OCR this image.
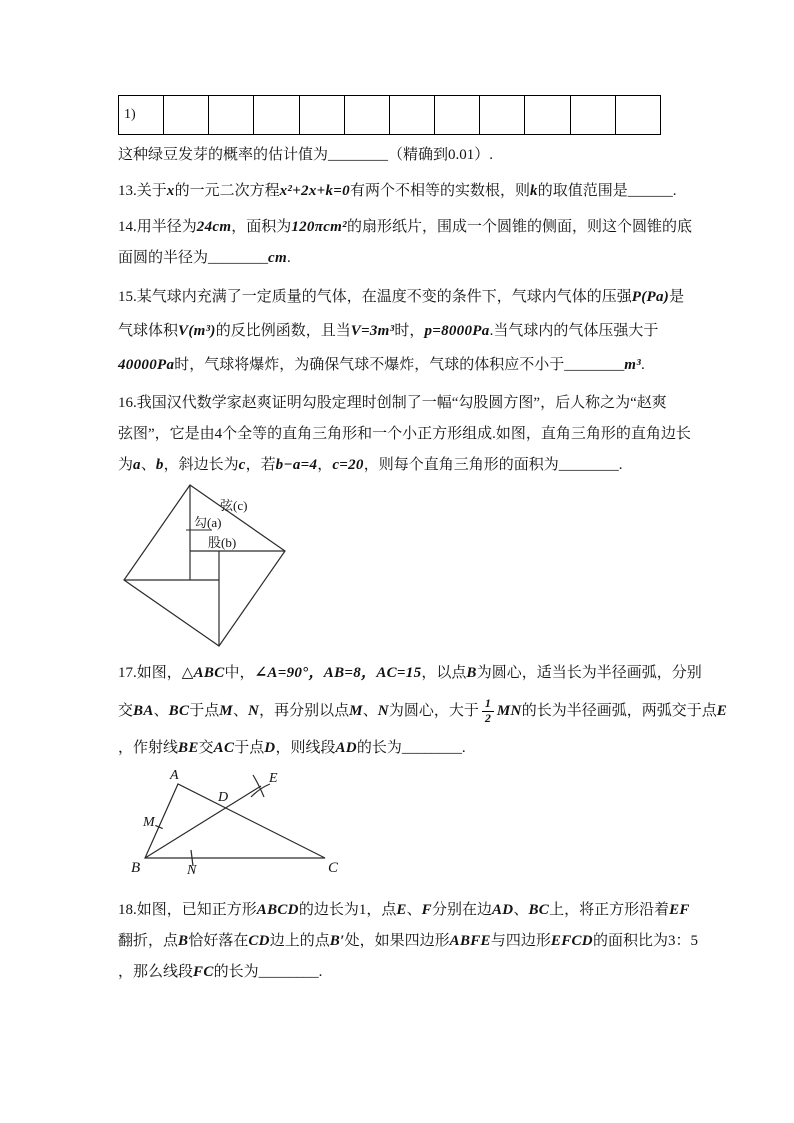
1)											
这种绿豆发芽的概率的估计值为________（精确到0.01）.
13.关于x的一元二次方程x²+2x+k=0有两个不相等的实数根，则k的取值范围是______.
14.用半径为24cm，面积为120πcm²的扇形纸片，围成一个圆锥的侧面，则这个圆锥的底
面圆的半径为________cm.
15.某气球内充满了一定质量的气体，在温度不变的条件下，气球内气体的压强P(Pa)是
气球体积V(m³)的反比例函数，且当V=3m³时，p=8000Pa.当气球内的气体压强大于
40000Pa时，气球将爆炸，为确保气球不爆炸，气球的体积应不小于________m³.
16.我国汉代数学家赵爽证明勾股定理时创制了一幅“勾股圆方图”，后人称之为“赵爽
弦图”，它是由4个全等的直角三角形和一个小正方形组成.如图，直角三角形的直角边长
为a、b，斜边长为c，若b−a=4，c=20，则每个直角三角形的面积为________.
弦(c)
勾(a)
股(b)
17.如图，△ABC中，∠A=90°，AB=8，AC=15，以点B为圆心，适当长为半径画弧，分别
交BA、BC于点M、N，再分别以点M、N为圆心，大于 $\frac{1}{2}$ MN的长为半径画弧，两弧交于点E
，作射线BE交AC于点D，则线段AD的长为________.
A
D
E
M
B	N	C
18.如图，已知正方形ABCD的边长为1，点E、F分别在边AD、BC上，将正方形沿着EF
翻折，点B恰好落在CD边上的点B′处，如果四边形ABFE与四边形EFCD的面积比为3：5
，那么线段FC的长为________.
